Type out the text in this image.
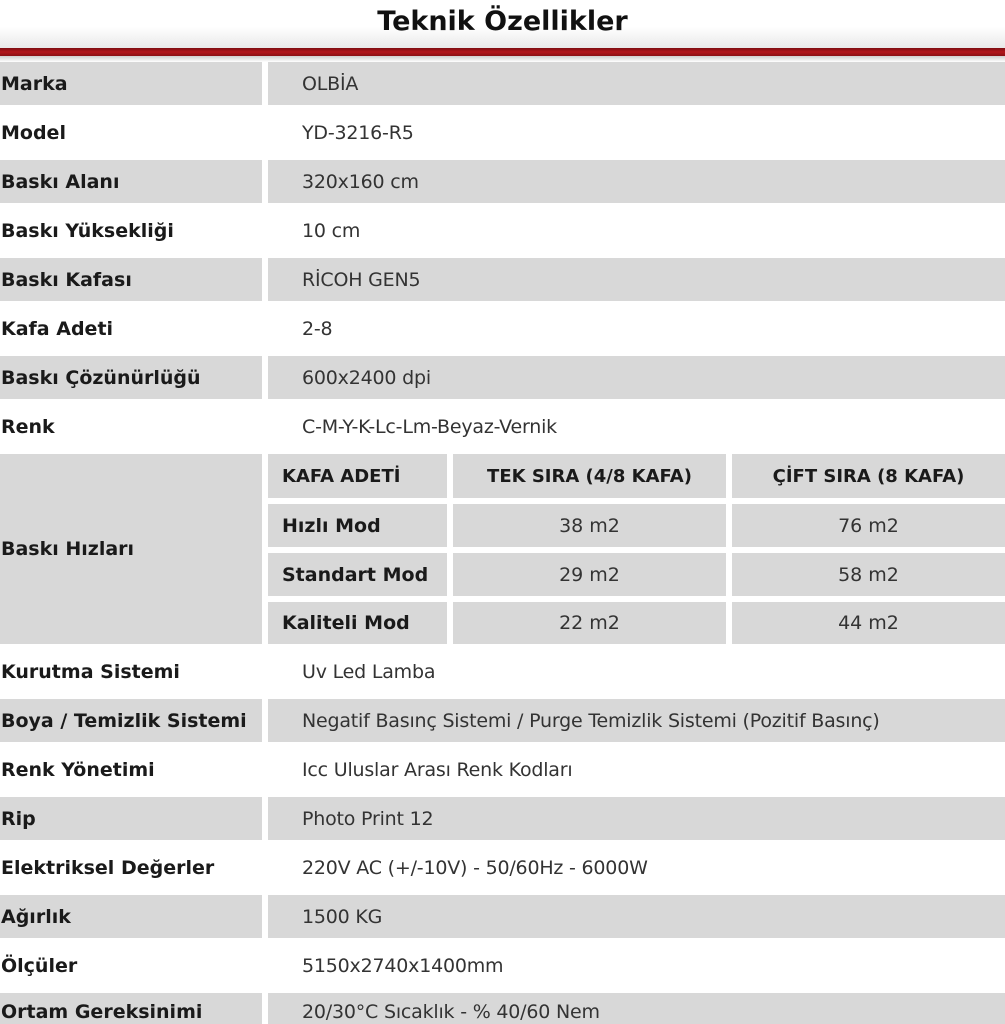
Teknik Özellikler
Marka	OLBİA
Model	YD-3216-R5
Baskı Alanı	320x160 cm
Baskı Yüksekliği	10 cm
Baskı Kafası	RİCOH GEN5
Kafa Adeti	2-8
Baskı Çözünürlüğü	600x2400 dpi
Renk	C-M-Y-K-Lc-Lm-Beyaz-Vernik
Baskı Hızları
KAFA ADETİ	TEK SIRA (4/8 KAFA)	ÇİFT SIRA (8 KAFA)
Hızlı Mod	38 m2	76 m2
Standart Mod	29 m2	58 m2
Kaliteli Mod	22 m2	44 m2
Kurutma Sistemi	Uv Led Lamba
Boya / Temizlik Sistemi	Negatif Basınç Sistemi / Purge Temizlik Sistemi (Pozitif Basınç)
Renk Yönetimi	Icc Uluslar Arası Renk Kodları
Rip	Photo Print 12
Elektriksel Değerler	220V AC (+/-10V) - 50/60Hz - 6000W
Ağırlık	1500 KG
Ölçüler	5150x2740x1400mm
Ortam Gereksinimi	20/30°C Sıcaklık - % 40/60 Nem
